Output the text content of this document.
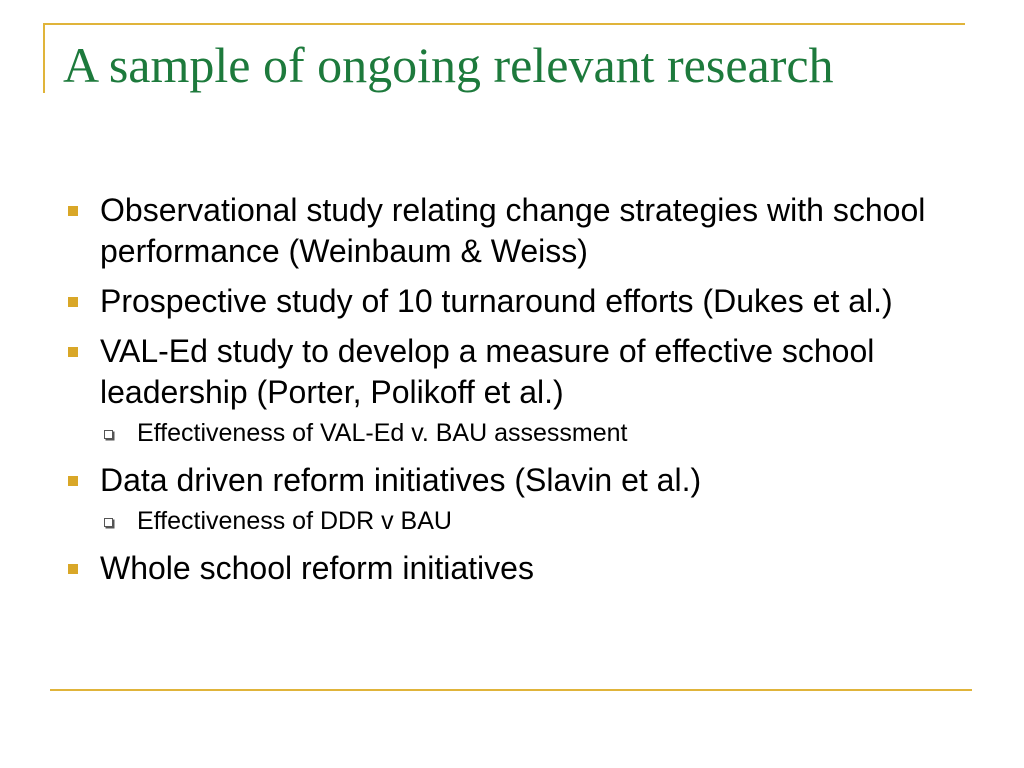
A sample of ongoing relevant research
Observational study relating change strategies with school performance (Weinbaum & Weiss)
Prospective study of 10 turnaround efforts (Dukes et al.)
VAL-Ed study to develop a measure of effective school leadership (Porter, Polikoff et al.)
Effectiveness of VAL-Ed v. BAU assessment
Data driven reform initiatives (Slavin et al.)
Effectiveness of DDR v BAU
Whole school reform initiatives
